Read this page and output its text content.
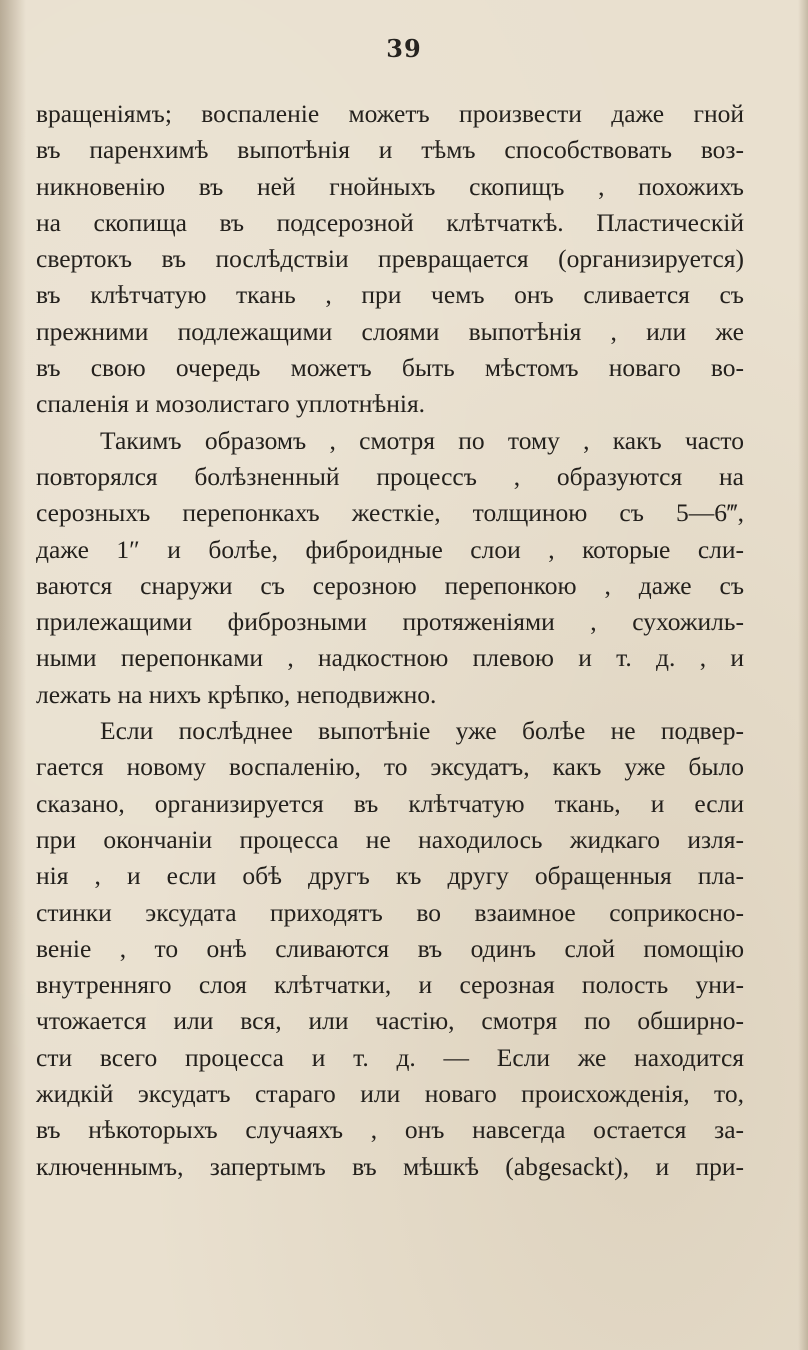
39
вращеніямъ; воспаленіе можетъ произвести даже гной
въ паренхимѣ выпотѣнія и тѣмъ способствовать воз-
никновенію въ ней гнойныхъ скопищъ , похожихъ
на скопища въ подсерозной клѣтчаткѣ. Пластическій
свертокъ въ послѣдствіи превращается (организируется)
въ клѣтчатую ткань , при чемъ онъ сливается съ
прежними подлежащими слоями выпотѣнія , или же
въ свою очередь можетъ быть мѣстомъ новаго во-
спаленія и мозолистаго уплотнѣнія.
Такимъ образомъ , смотря по тому , какъ часто
повторялся болѣзненный процессъ , образуются на
серозныхъ перепонкахъ жесткіе, толщиною съ 5—6‴,
даже 1″ и болѣе, фиброидные слои , которые сли-
ваются снаружи съ серозною перепонкою , даже съ
прилежащими фиброзными протяженіями , сухожиль-
ными перепонками , надкостною плевою и т. д. , и
лежать на нихъ крѣпко, неподвижно.
Если послѣднее выпотѣніе уже болѣе не подвер-
гается новому воспаленію, то эксудатъ, какъ уже было
сказано, организируется въ клѣтчатую ткань, и если
при окончаніи процесса не находилось жидкаго изля-
нія , и если обѣ другъ къ другу обращенныя пла-
стинки эксудата приходятъ во взаимное соприкосно-
веніе , то онѣ сливаются въ одинъ слой помощію
внутренняго слоя клѣтчатки, и серозная полость уни-
чтожается или вся, или частію, смотря по обширно-
сти всего процесса и т. д. — Если же находится
жидкій эксудатъ стараго или новаго происхожденія, то,
въ нѣкоторыхъ случаяхъ , онъ навсегда остается за-
ключеннымъ, запертымъ въ мѣшкѣ (abgesackt), и при-
